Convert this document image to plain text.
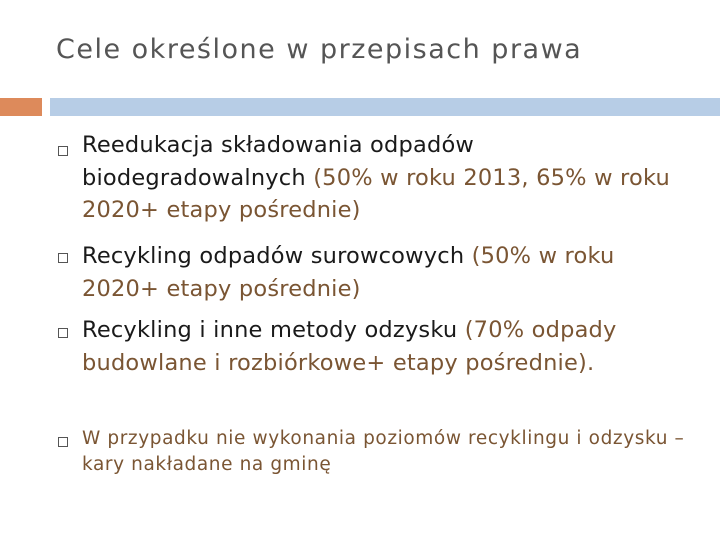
Cele określone w przepisach prawa
Reedukacja składowania odpadów biodegradowalnych (50% w roku 2013, 65% w roku 2020+ etapy pośrednie)
Recykling odpadów surowcowych (50% w roku 2020+ etapy pośrednie)
Recykling i inne metody odzysku (70% odpady budowlane i rozbiórkowe+ etapy pośrednie).
W przypadku nie wykonania poziomów recyklingu i odzysku – kary nakładane na gminę
